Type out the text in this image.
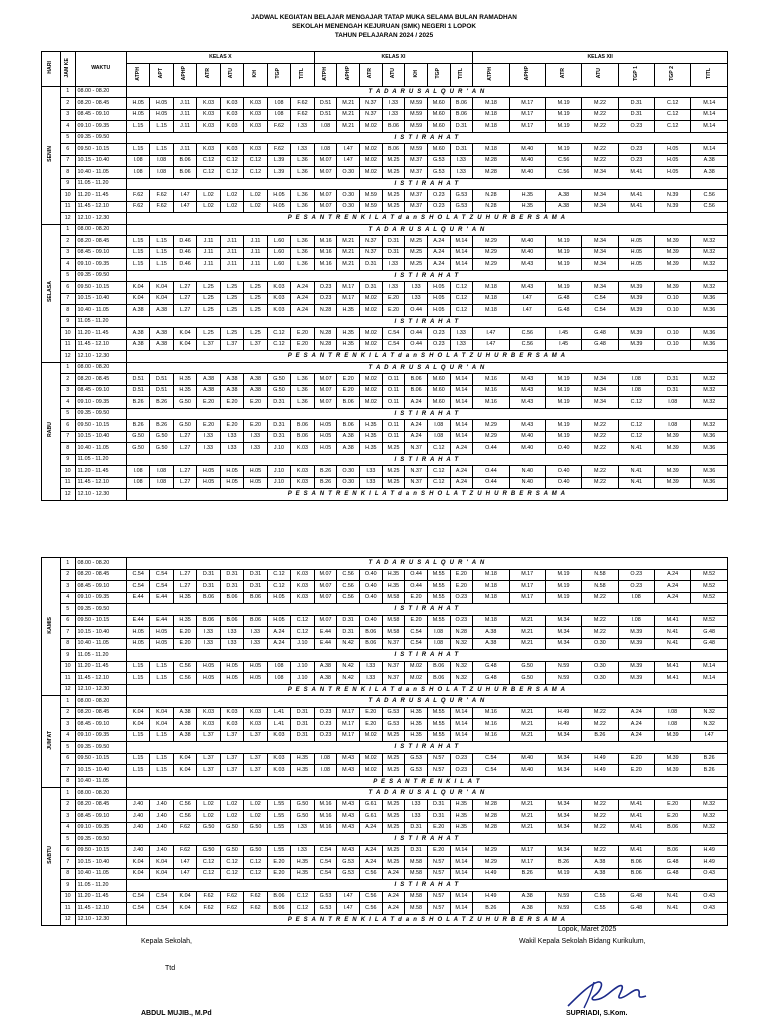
JADWAL KEGIATAN BELAJAR MENGAJAR TATAP MUKA SELAMA BULAN RAMADHAN
SEKOLAH MENENGAH KEJURUAN (SMK) NEGERI 1 LOPOK
TAHUN PELAJARAN 2024 / 2025
HARI	JAM KE	WAKTU	KELAS X								KELAS XI							KELAS XII						
			ATPH	APT	APHP	ATR	ATU	KH	TGP	TITL	ATPH	APHP	ATR	ATU	KH	TGP	TITL	ATPH	APHP	ATR	ATU	TGP 1	TGP 2	TITL
SENIN	1	08.00 - 08.20	T A D A R U S A L Q U R ' A N																					
	2	08.20 - 08.45	H.05	H.05	J.11	K.03	K.03	K.03	I.08	F.62	D.51	M.21	N.37	I.33	M.59	M.60	B.06	M.18	M.17	M.19	M.22	D.31	C.12	M.14
	3	08.45 - 09.10	H.05	H.05	J.11	K.03	K.03	K.03	I.08	F.62	D.51	M.21	N.37	I.33	M.59	M.60	B.06	M.18	M.17	M.19	M.22	D.31	C.12	M.14
	4	09.10 - 09.35	L.15	L.15	J.11	K.03	K.03	K.03	F.62	I.33	I.08	M.21	M.02	B.06	M.59	M.60	D.31	M.18	M.17	M.19	M.22	O.23	C.12	M.14
	5	09.35 - 09.50	I S T I R A H A T																					
	6	09.50 - 10.15	L.15	L.15	J.11	K.03	K.03	K.03	F.62	I.33	I.08	I.47	M.02	B.06	M.59	M.60	D.31	M.18	M.40	M.19	M.22	O.23	H.05	M.14
	7	10.15 - 10.40	I.08	I.08	B.06	C.12	C.12	C.12	L.39	L.36	M.07	I.47	M.02	M.25	M.37	G.53	I.33	M.28	M.40	C.56	M.22	O.23	H.05	A.38
	8	10.40 - 11.05	I.08	I.08	B.06	C.12	C.12	C.12	L.39	L.36	M.07	O.30	M.02	M.25	M.37	G.53	I.33	M.28	M.40	C.56	M.34	M.41	H.05	A.38
	9	11.05 - 11.20	I S T I R A H A T																					
	10	11.20 - 11.45	F.62	F.62	I.47	L.02	L.02	L.02	H.05	L.36	M.07	O.30	M.59	M.25	M.37	O.23	G.53	N.28	H.35	A.38	M.34	M.41	N.39	C.56
	11	11.45 - 12.10	F.62	F.62	I.47	L.02	L.02	L.02	H.05	L.36	M.07	O.30	M.59	M.25	M.37	O.23	G.53	N.28	H.35	A.38	M.34	M.41	N.39	C.56
	12	12.10 - 12.30	P E S A N T R E N K I L A T d a n S H O L A T Z U H U R B E R S A M A																					
SELASA	1	08.00 - 08.20	T A D A R U S A L Q U R ' A N																					
	2	08.20 - 08.45	L.15	L.15	D.46	J.11	J.11	J.11	L.60	L.36	M.16	M.21	N.37	D.31	M.25	A.24	M.14	M.29	M.40	M.19	M.34	H.05	M.39	M.32
	3	08.45 - 09.10	L.15	L.15	D.46	J.11	J.11	J.11	L.60	L.36	M.16	M.21	N.37	D.31	M.25	A.24	M.14	M.29	M.40	M.19	M.34	H.05	M.39	M.32
	4	09.10 - 09.35	L.15	L.15	D.46	J.11	J.11	J.11	L.60	L.36	M.16	M.21	D.31	I.33	M.25	A.24	M.14	M.29	M.43	M.19	M.34	H.05	M.39	M.32
	5	09.35 - 09.50	I S T I R A H A T																					
	6	09.50 - 10.15	K.04	K.04	L.27	L.25	L.25	L.25	K.03	A.24	O.23	M.17	D.31	I.33	I.33	H.05	C.12	M.18	M.43	M.19	M.34	M.39	M.39	M.32
	7	10.15 - 10.40	K.04	K.04	L.27	L.25	L.25	L.25	K.03	A.24	O.23	M.17	M.02	E.20	I.33	H.05	C.12	M.18	I.47	G.48	C.54	M.39	O.10	M.36
	8	10.40 - 11.05	A.38	A.38	L.27	L.25	L.25	L.25	K.03	A.24	N.28	H.35	M.02	E.20	O.44	H.05	C.12	M.18	I.47	G.48	C.54	M.39	O.10	M.36
	9	11.05 - 11.20	I S T I R A H A T																					
	10	11.20 - 11.45	A.38	A.38	K.04	L.25	L.25	L.25	C.12	E.20	N.28	H.35	M.02	C.54	O.44	O.23	I.33	I.47	C.56	I.45	G.48	M.39	O.10	M.36
	11	11.45 - 12.10	A.38	A.38	K.04	L.37	L.37	L.37	C.12	E.20	N.28	H.35	M.02	C.54	O.44	O.23	I.33	I.47	C.56	I.45	G.48	M.39	O.10	M.36
	12	12.10 - 12.30	P E S A N T R E N K I L A T d a n S H O L A T Z U H U R B E R S A M A																					
RABU	1	08.00 - 08.20	T A D A R U S A L Q U R ' A N																					
	2	08.20 - 08.45	D.51	D.51	H.35	A.38	A.38	A.38	G.50	L.36	M.07	E.20	M.02	O.11	B.06	M.60	M.14	M.16	M.43	M.19	M.34	I.08	D.31	M.32
	3	08.45 - 09.10	D.51	D.51	H.35	A.38	A.38	A.38	G.50	L.36	M.07	E.20	M.02	O.11	B.06	M.60	M.14	M.16	M.43	M.19	M.34	I.08	D.31	M.32
	4	09.10 - 09.35	B.26	B.26	G.50	E.20	E.20	E.20	D.31	L.36	M.07	B.06	M.02	O.11	A.24	M.60	M.14	M.16	M.43	M.19	M.34	C.12	I.08	M.32
	5	09.35 - 09.50	I S T I R A H A T																					
	6	09.50 - 10.15	B.26	B.26	G.50	E.20	E.20	E.20	D.31	B.06	H.05	B.06	H.35	O.11	A.24	I.08	M.14	M.29	M.43	M.19	M.22	C.12	I.08	M.32
	7	10.15 - 10.40	G.50	G.50	L.27	I.33	I.33	I.33	D.31	B.06	H.05	A.38	H.35	O.11	A.24	I.08	M.14	M.29	M.40	M.19	M.22	C.12	M.39	M.36
	8	10.40 - 11.05	G.50	G.50	L.27	I.33	I.33	I.33	J.10	K.03	H.05	A.38	H.35	M.25	N.37	C.12	A.24	O.44	M.40	O.40	M.22	N.41	M.39	M.36
	9	11.05 - 11.20	I S T I R A H A T																					
	10	11.20 - 11.45	I.08	I.08	L.27	H.05	H.05	H.05	J.10	K.03	B.26	O.30	I.33	M.25	N.37	C.12	A.24	O.44	N.40	O.40	M.22	N.41	M.39	M.36
	11	11.45 - 12.10	I.08	I.08	L.27	H.05	H.05	H.05	J.10	K.03	B.26	O.30	I.33	M.25	N.37	C.12	A.24	O.44	N.40	O.40	M.22	N.41	M.39	M.36
	12	12.10 - 12.30	P E S A N T R E N K I L A T d a n S H O L A T Z U H U R B E R S A M A																					
KAMIS	1	08.00 - 08.20	T A D A R U S A L Q U R ' A N																					
	2	08.20 - 08.45	C.54	C.54	L.27	D.31	D.31	D.31	C.12	K.03	M.07	C.56	O.40	H.35	O.44	M.55	E.20	M.18	M.17	M.19	N.58	O.23	A.24	M.52
	3	08.45 - 09.10	C.54	C.54	L.27	D.31	D.31	D.31	C.12	K.03	M.07	C.56	O.40	H.35	O.44	M.55	E.20	M.18	M.17	M.19	N.58	O.23	A.24	M.52
	4	09.10 - 09.35	E.44	E.44	H.35	B.06	B.06	B.06	H.05	K.03	M.07	C.56	O.40	M.58	E.20	M.55	O.23	M.18	M.17	M.19	M.22	I.08	A.24	M.52
	5	09.35 - 09.50	I S T I R A H A T																					
	6	09.50 - 10.15	E.44	E.44	H.35	B.06	B.06	B.06	H.05	C.12	M.07	D.31	O.40	M.58	E.20	M.55	O.23	M.18	M.21	M.34	M.22	I.08	M.41	M.52
	7	10.15 - 10.40	H.05	H.05	E.20	I.33	I.33	I.33	A.24	C.12	E.44	D.31	B.06	M.58	C.54	I.08	N.28	A.38	M.21	M.34	M.22	M.39	N.41	G.48
	8	10.40 - 11.05	H.05	H.05	E.20	I.33	I.33	I.33	A.24	J.10	E.44	N.42	B.06	N.37	C.54	I.08	N.32	A.38	M.21	M.34	O.30	M.39	N.41	G.48
	9	11.05 - 11.20	I S T I R A H A T																					
	10	11.20 - 11.45	L.15	L.15	C.56	H.05	H.05	H.05	I.08	J.10	A.38	N.42	I.33	N.37	M.02	B.06	N.32	G.48	G.50	N.59	O.30	M.39	M.41	M.14
	11	11.45 - 12.10	L.15	L.15	C.56	H.05	H.05	H.05	I.08	J.10	A.38	N.42	I.33	N.37	M.02	B.06	N.32	G.48	G.50	N.59	O.30	M.39	M.41	M.14
	12	12.10 - 12.30	P E S A N T R E N K I L A T d a n S H O L A T Z U H U R B E R S A M A																					
JUM'AT	1	08.00 - 08.20	T A D A R U S A L Q U R ' A N																					
	2	08.20 - 08.45	K.04	K.04	A.38	K.03	K.03	K.03	L.41	D.31	O.23	M.17	E.20	G.53	H.35	M.55	M.14	M.16	M.21	H.49	M.22	A.24	I.08	N.32
	3	08.45 - 09.10	K.04	K.04	A.38	K.03	K.03	K.03	L.41	D.31	O.23	M.17	E.20	G.53	H.35	M.55	M.14	M.16	M.21	H.49	M.22	A.24	I.08	N.32
	4	09.10 - 09.35	L.15	L.15	A.38	L.37	L.37	L.37	K.03	D.31	O.23	M.17	M.02	M.25	H.35	M.55	M.14	M.16	M.21	M.34	B.26	A.24	M.39	I.47
	5	09.35 - 09.50	I S T I R A H A T																					
	6	09.50 - 10.15	L.15	L.15	K.04	L.37	L.37	L.37	K.03	H.35	I.08	M.43	M.02	M.25	G.53	N.57	O.23	C.54	M.40	M.34	H.49	E.20	M.39	B.26
	7	10.15 - 10.40	L.15	L.15	K.04	L.37	L.37	L.37	K.03	H.35	I.08	M.43	M.02	M.25	G.53	N.57	O.23	C.54	M.40	M.34	H.49	E.20	M.39	B.26
	8	10.40 - 11.05	P E S A N T R E N K I L A T																					
SABTU	1	08.00 - 08.20	T A D A R U S A L Q U R ' A N																					
	2	08.20 - 08.45	J.40	J.40	C.56	L.02	L.02	L.02	L.55	G.50	M.16	M.43	G.61	M.25	I.33	D.31	H.35	M.28	M.21	M.34	M.22	M.41	E.20	M.32
	3	08.45 - 09.10	J.40	J.40	C.56	L.02	L.02	L.02	L.55	G.50	M.16	M.43	G.61	M.25	I.33	D.31	H.35	M.28	M.21	M.34	M.22	M.41	E.20	M.32
	4	09.10 - 09.35	J.40	J.40	F.62	G.50	G.50	G.50	L.55	I.33	M.16	M.43	A.24	M.25	D.31	E.20	H.35	M.28	M.21	M.34	M.22	M.41	B.06	M.32
	5	09.35 - 09.50	I S T I R A H A T																					
	6	09.50 - 10.15	J.40	J.40	F.62	G.50	G.50	G.50	L.55	I.33	C.54	M.43	A.24	M.25	D.31	E.20	M.14	M.29	M.17	M.34	M.22	M.41	B.06	H.49
	7	10.15 - 10.40	K.04	K.04	I.47	C.12	C.12	C.12	E.20	H.35	C.54	G.53	A.24	M.25	M.58	N.57	M.14	M.29	M.17	B.26	A.38	B.06	G.48	H.49
	8	10.40 - 11.05	K.04	K.04	I.47	C.12	C.12	C.12	E.20	H.35	C.54	G.53	C.56	A.24	M.58	N.57	M.14	H.49	B.26	M.19	A.38	B.06	G.48	O.43
	9	11.05 - 11.20	I S T I R A H A T																					
	10	11.20 - 11.45	C.54	C.54	K.04	F.62	F.62	F.62	B.06	C.12	G.53	I.47	C.56	A.24	M.58	N.57	M.14	H.49	A.38	N.59	C.55	G.48	N.41	O.43
	11	11.45 - 12.10	C.54	C.54	K.04	F.62	F.62	F.62	B.06	C.12	G.53	I.47	C.56	A.24	M.58	N.57	M.14	B.26	A.38	N.59	C.55	G.48	N.41	O.43
	12	12.10 - 12.30	P E S A N T R E N K I L A T d a n S H O L A T Z U H U R B E R S A M A																					
Lopok, Maret 2025
Kepala Sekolah,	Wakil Kepala Sekolah Bidang Kurikulum,
Ttd
ABDUL MUJIB., M.Pd	SUPRIADI, S.Kom.
